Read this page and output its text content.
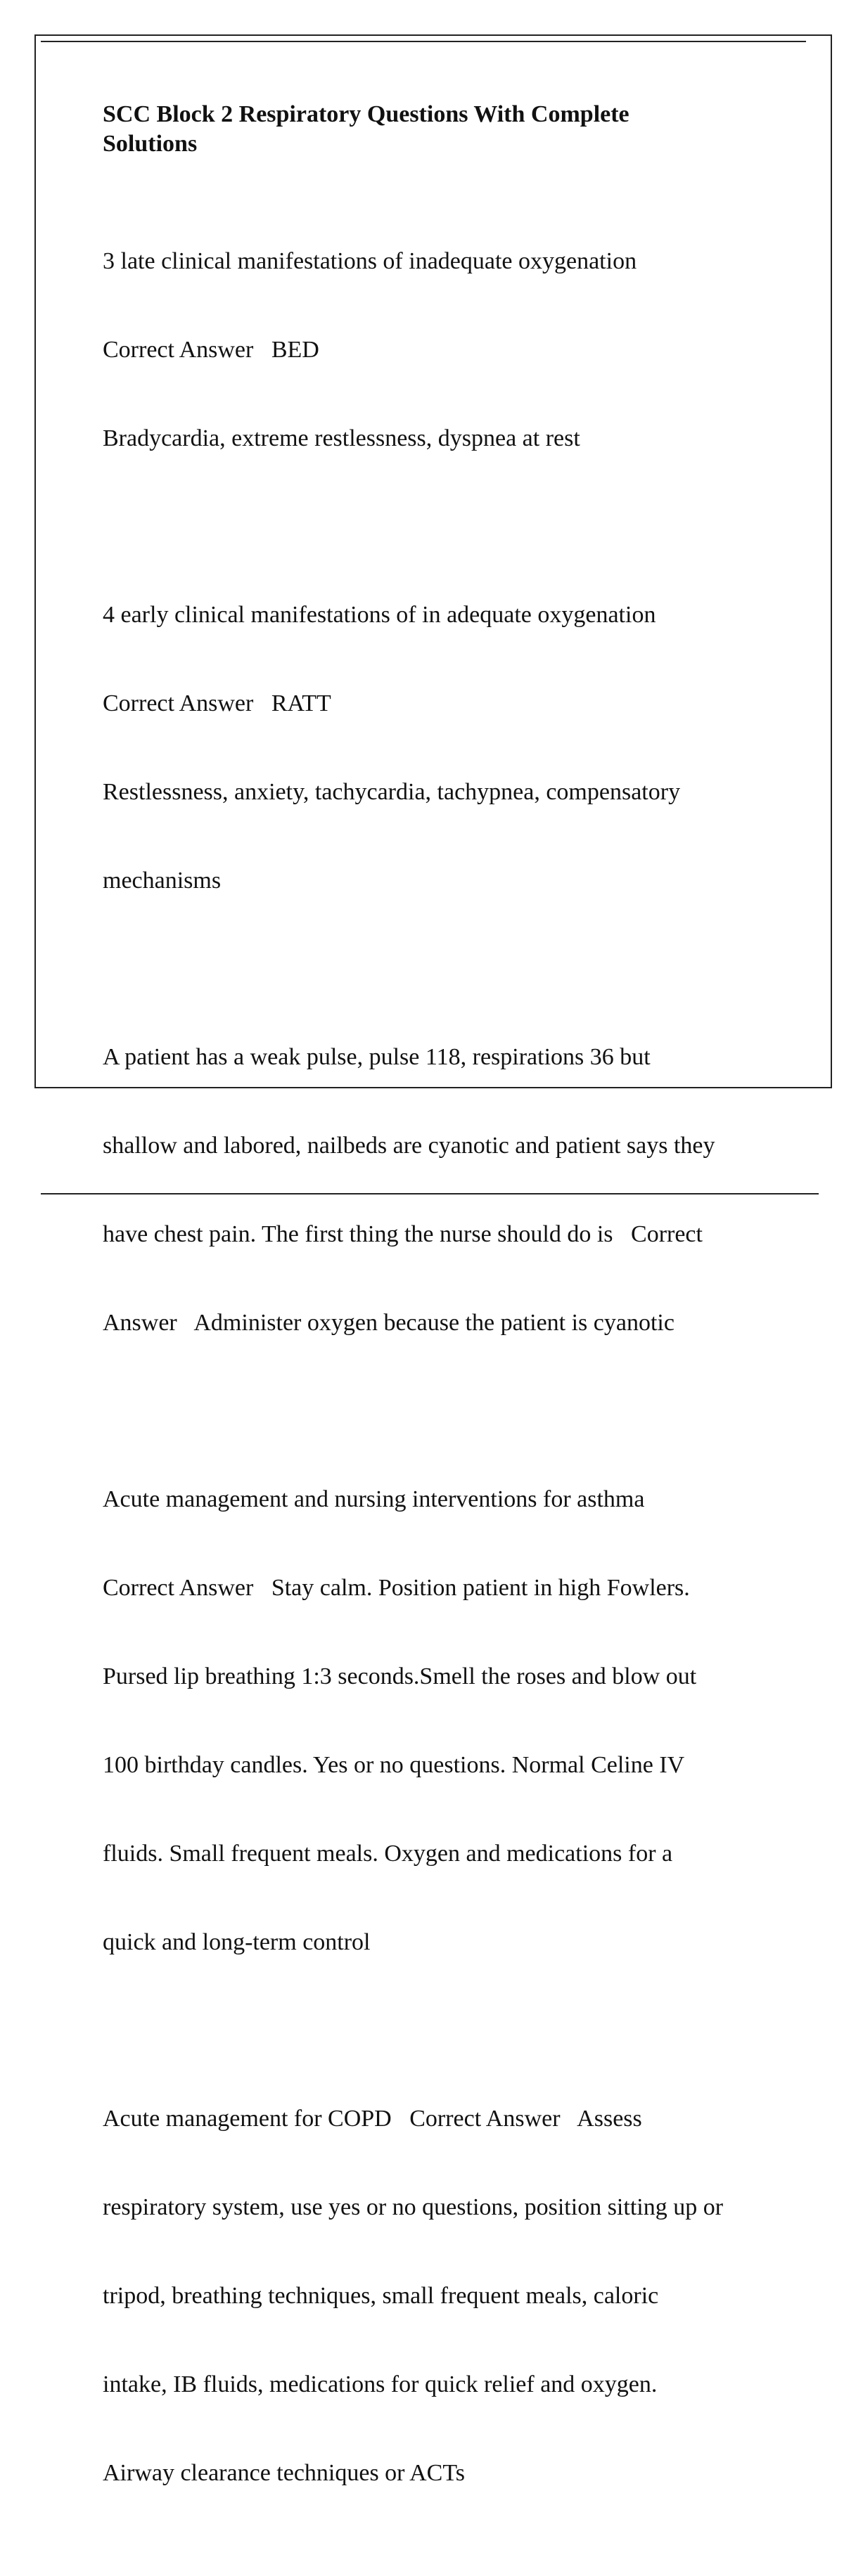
SCC Block 2 Respiratory Questions With Complete
Solutions

3 late clinical manifestations of inadequate oxygenation

Correct Answer   BED

Bradycardia, extreme restlessness, dyspnea at rest

4 early clinical manifestations of in adequate oxygenation

Correct Answer   RATT

Restlessness, anxiety, tachycardia, tachypnea, compensatory

mechanisms

A patient has a weak pulse, pulse 118, respirations 36 but

shallow and labored, nailbeds are cyanotic and patient says they

have chest pain. The first thing the nurse should do is   Correct

Answer   Administer oxygen because the patient is cyanotic

Acute management and nursing interventions for asthma

Correct Answer   Stay calm. Position patient in high Fowlers.

Pursed lip breathing 1:3 seconds.Smell the roses and blow out

100 birthday candles. Yes or no questions. Normal Celine IV

fluids. Small frequent meals. Oxygen and medications for a

quick and long-term control

Acute management for COPD   Correct Answer   Assess

respiratory system, use yes or no questions, position sitting up or

tripod, breathing techniques, small frequent meals, caloric

intake, IB fluids, medications for quick relief and oxygen.

Airway clearance techniques or ACTs
